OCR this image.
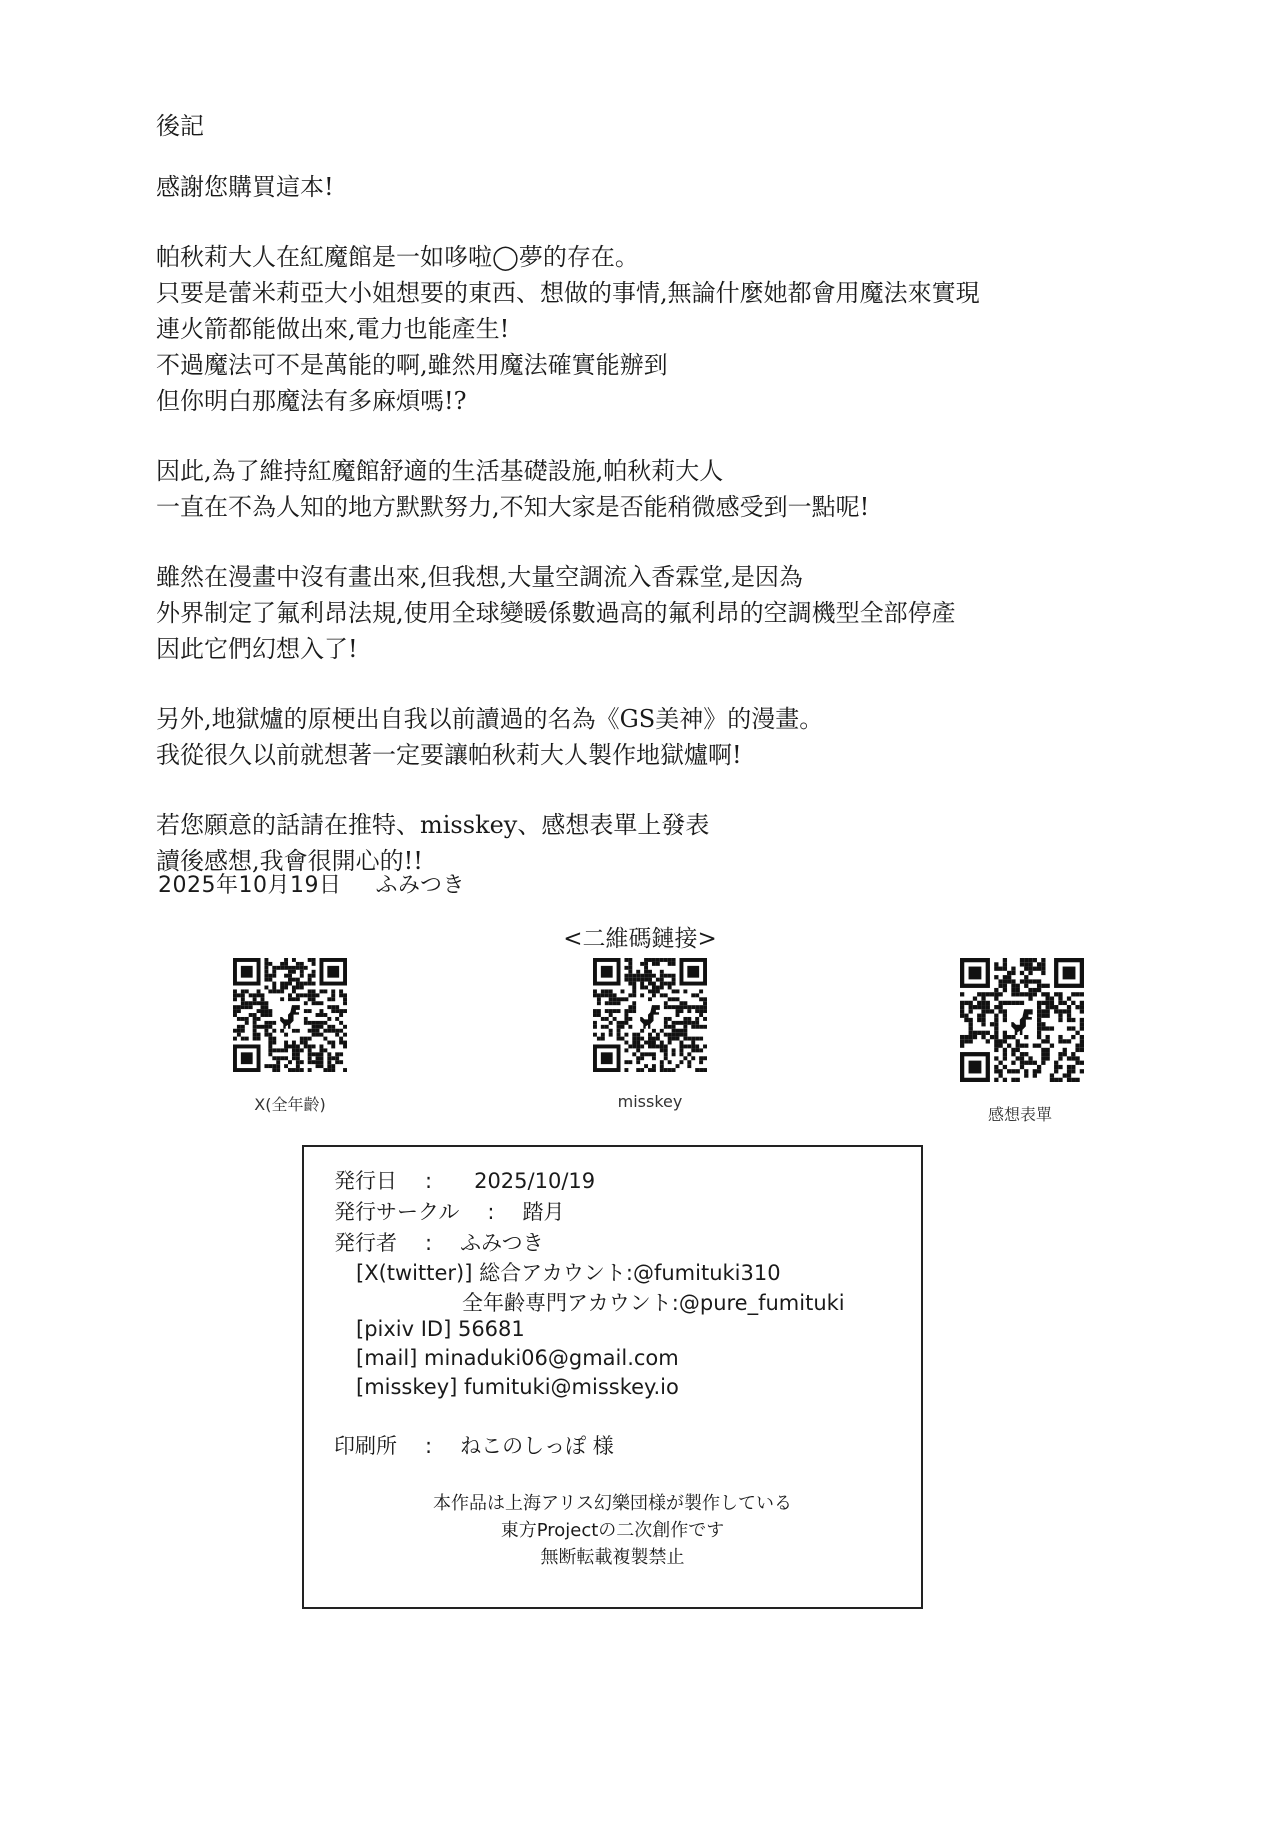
後記
感謝您購買這本!
帕秋莉大人在紅魔館是一如哆啦◯夢的存在。
只要是蕾米莉亞大小姐想要的東西、想做的事情,無論什麼她都會用魔法來實現
連火箭都能做出來,電力也能產生!
不過魔法可不是萬能的啊,雖然用魔法確實能辦到
但你明白那魔法有多麻煩嗎!?
因此,為了維持紅魔館舒適的生活基礎設施,帕秋莉大人
一直在不為人知的地方默默努力,不知大家是否能稍微感受到一點呢!
雖然在漫畫中沒有畫出來,但我想,大量空調流入香霖堂,是因為
外界制定了氟利昂法規,使用全球變暖係數過高的氟利昂的空調機型全部停產
因此它們幻想入了!
另外,地獄爐的原梗出自我以前讀過的名為《GS美神》的漫畫。
我從很久以前就想著一定要讓帕秋莉大人製作地獄爐啊!
若您願意的話請在推特、misskey、感想表單上發表
讀後感想,我會很開心的!!
2025年10月19日 ふみつき
<二維碼鏈接>
X(全年齡)	misskey
感想表單
発行日 : 2025/10/19
発行サークル : 踏月
発行者 : ふみつき
[X(twitter)] 総合アカウント:@fumituki310
全年齢専門アカウント:@pure_fumituki
[pixiv ID] 56681
[mail] minaduki06@gmail.com
[misskey] fumituki@misskey.io
印刷所 : ねこのしっぽ 様
本作品は上海アリス幻樂団様が製作している
東方Projectの二次創作です
無断転載複製禁止
